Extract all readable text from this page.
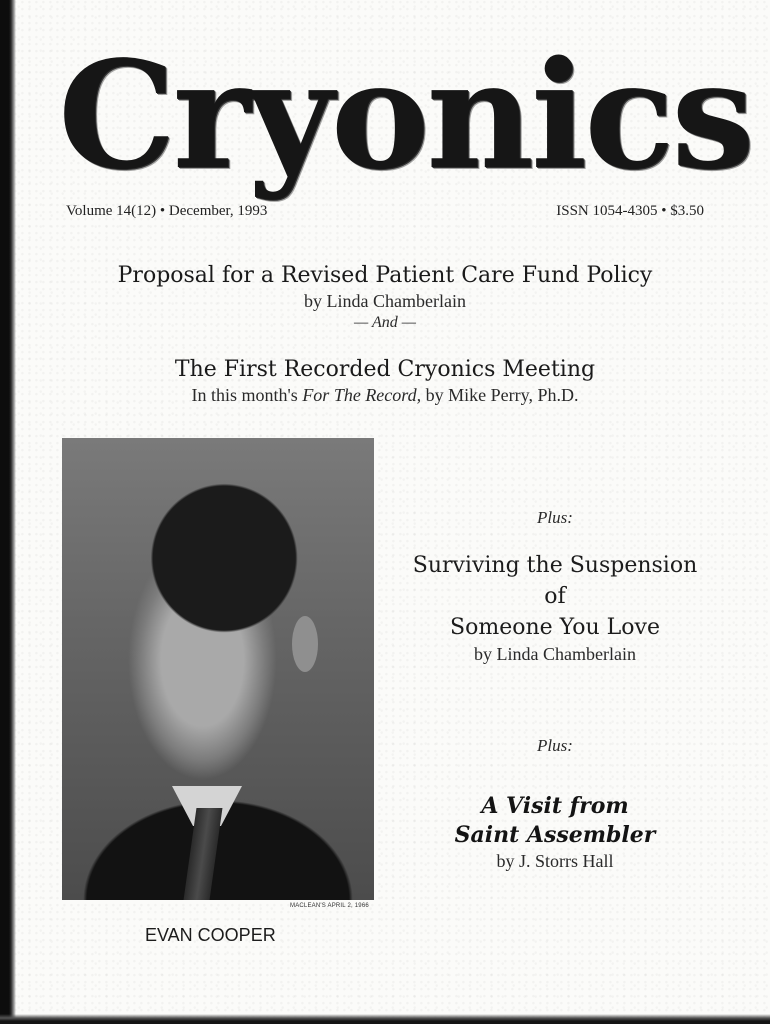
Cryonics
Volume 14(12) • December, 1993	ISSN 1054-4305 • $3.50
Proposal for a Revised Patient Care Fund Policy
by Linda Chamberlain
— And —
The First Recorded Cryonics Meeting
In this month's For The Record, by Mike Perry, Ph.D.
MACLEAN'S APRIL 2, 1966
EVAN COOPER
Plus:
Surviving the Suspension
of
Someone You Love
by Linda Chamberlain
Plus:
A Visit from
Saint Assembler
by J. Storrs Hall
